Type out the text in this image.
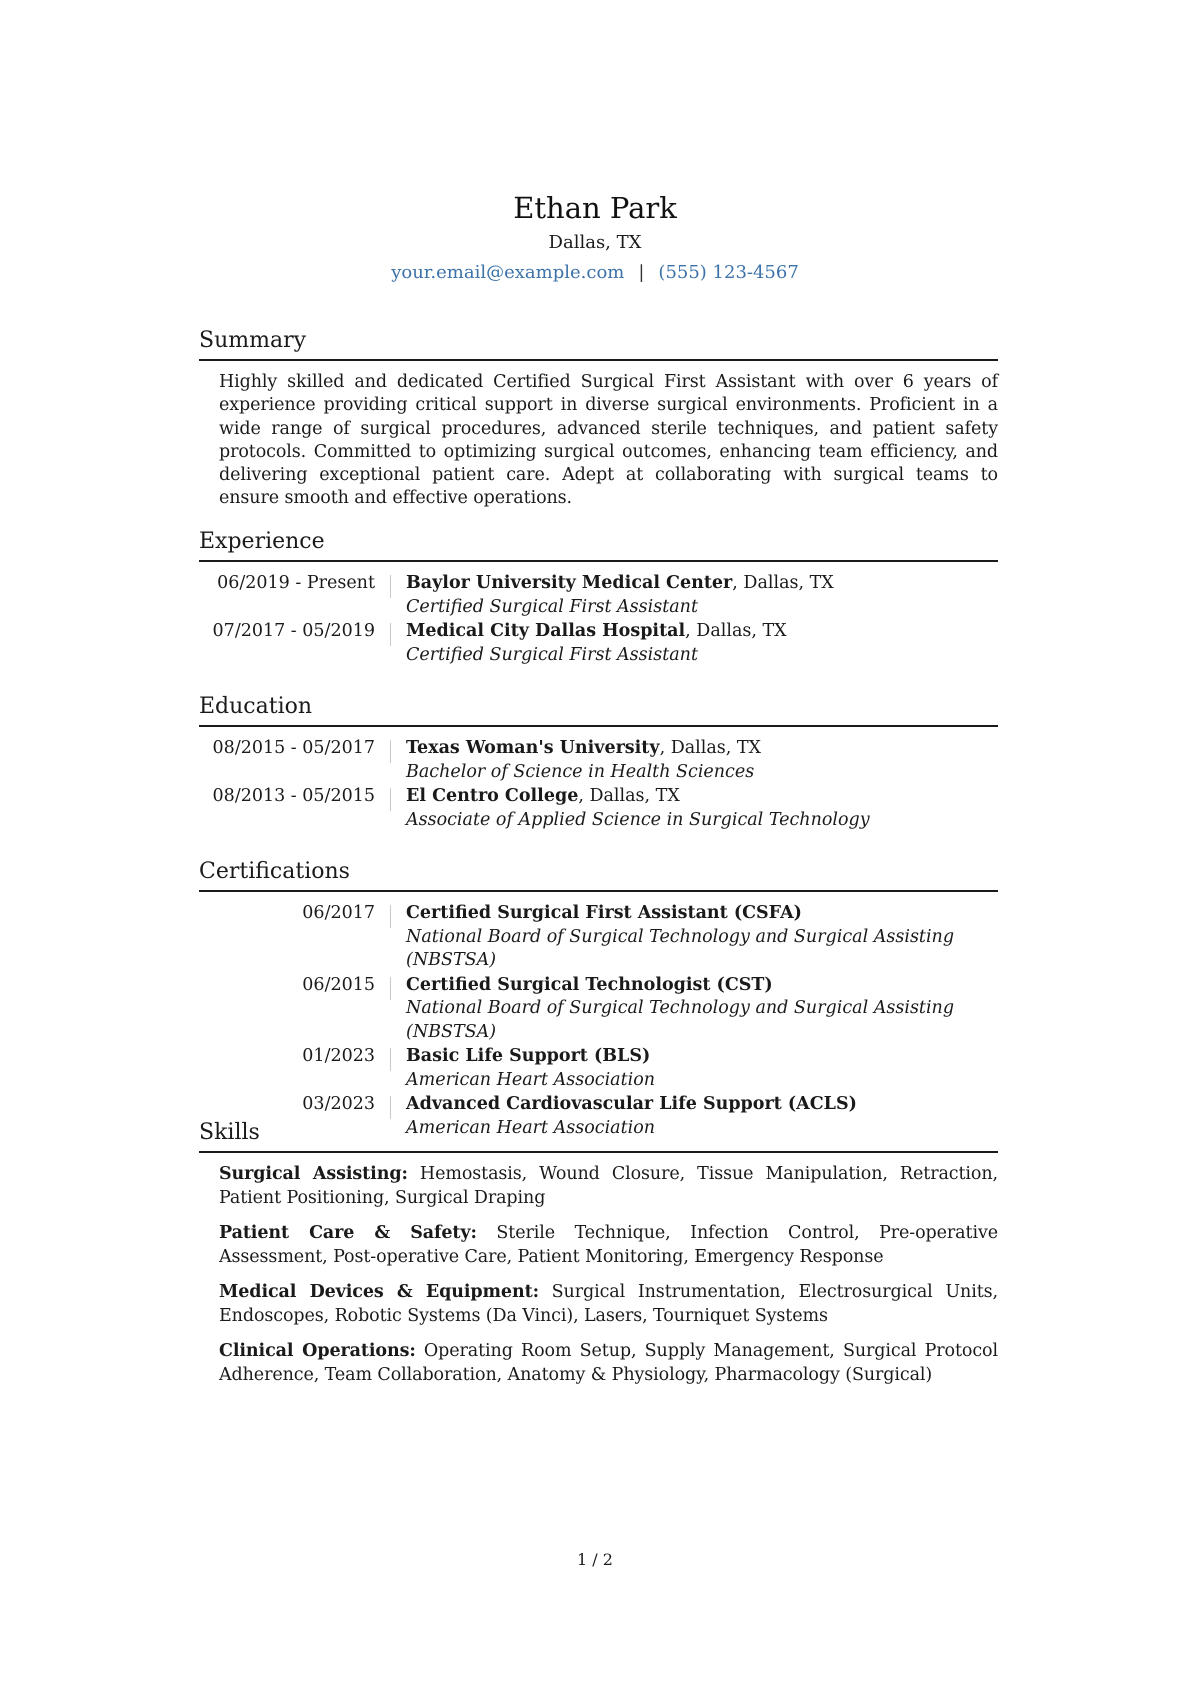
Ethan Park
Dallas, TX
your.email@example.com | (555) 123-4567
Summary
Highly skilled and dedicated Certified Surgical First Assistant with over 6 years of experience providing critical support in diverse surgical environments. Proficient in a wide range of surgical procedures, advanced sterile techniques, and patient safety protocols. Committed to optimizing surgical outcomes, enhancing team efficiency, and delivering exceptional patient care. Adept at collaborating with surgical teams to ensure smooth and effective operations.
Experience
06/2019 - Present	Baylor University Medical Center, Dallas, TX
Certified Surgical First Assistant
07/2017 - 05/2019	Medical City Dallas Hospital, Dallas, TX
Certified Surgical First Assistant
Education
08/2015 - 05/2017	Texas Woman's University, Dallas, TX
Bachelor of Science in Health Sciences
08/2013 - 05/2015	El Centro College, Dallas, TX
Associate of Applied Science in Surgical Technology
Certifications
06/2017	Certified Surgical First Assistant (CSFA)
National Board of Surgical Technology and Surgical Assisting (NBSTSA)
06/2015	Certified Surgical Technologist (CST)
National Board of Surgical Technology and Surgical Assisting (NBSTSA)
01/2023	Basic Life Support (BLS)
American Heart Association
03/2023	Advanced Cardiovascular Life Support (ACLS)
American Heart Association
Skills
Surgical Assisting: Hemostasis, Wound Closure, Tissue Manipulation, Retraction, Patient Positioning, Surgical Draping
Patient Care & Safety: Sterile Technique, Infection Control, Pre-operative Assessment, Post-operative Care, Patient Monitoring, Emergency Response
Medical Devices & Equipment: Surgical Instrumentation, Electrosurgical Units, Endoscopes, Robotic Systems (Da Vinci), Lasers, Tourniquet Systems
Clinical Operations: Operating Room Setup, Supply Management, Surgical Protocol Adherence, Team Collaboration, Anatomy & Physiology, Pharmacology (Surgical)
1 / 2
